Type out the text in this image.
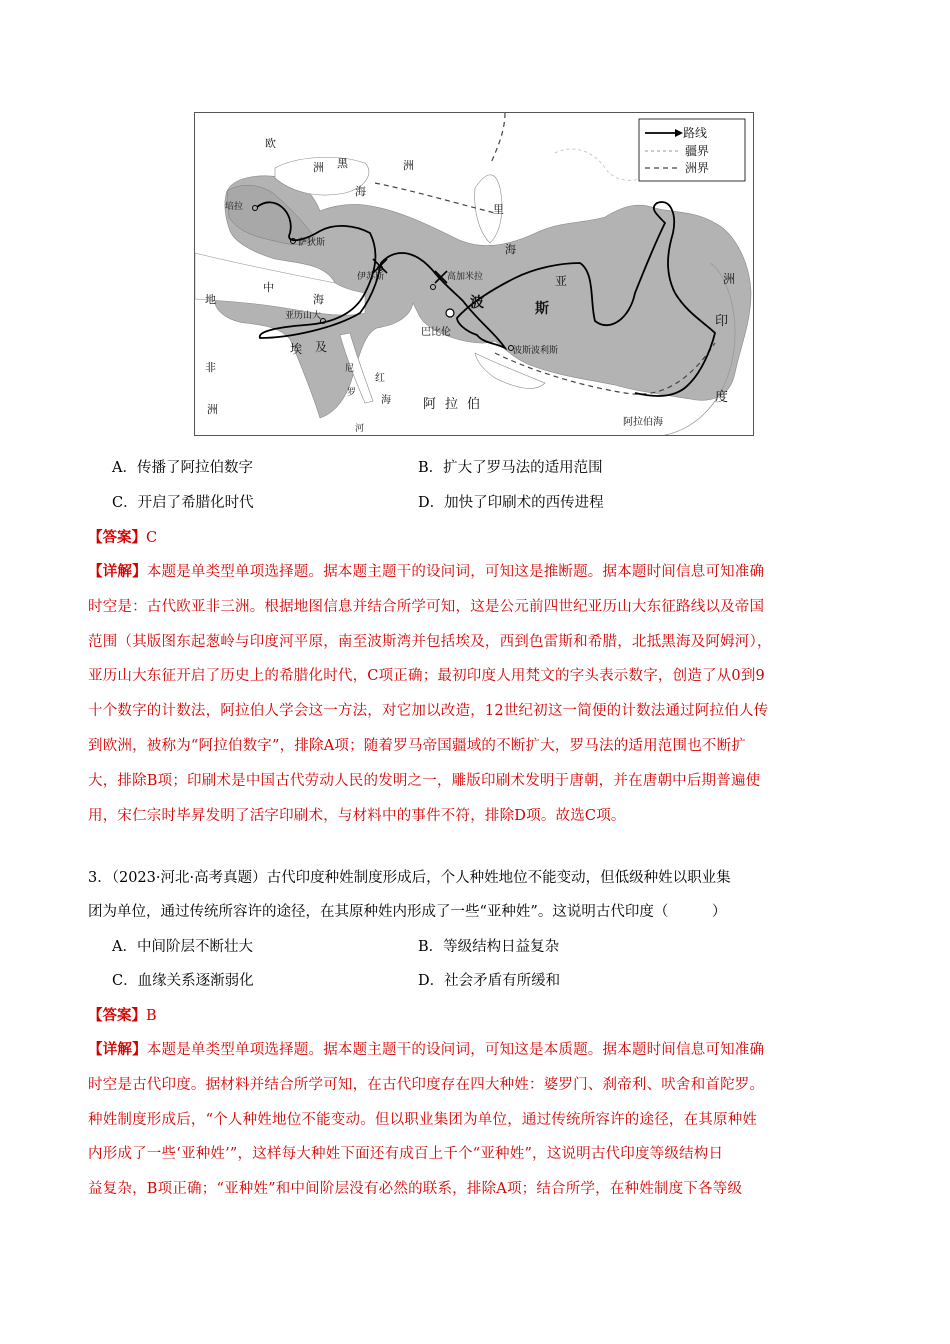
路线
疆界
洲界
欧
洲	洲
黑
海
里
海
培拉
萨狄斯
伊苏斯	高加米拉
地
中
海
亚历山大
埃 及
尼
罗
巴比伦
波斯波利斯
波	斯
亚	洲
非
洲
红
海 阿 拉 伯
阿拉伯海
印
度
河
A．传播了阿拉伯数字	B．扩大了罗马法的适用范围
C．开启了希腊化时代	D．加快了印刷术的西传进程
【答案】C
【详解】本题是单类型单项选择题。据本题主题干的设问词，可知这是推断题。据本题时间信息可知准确
时空是：古代欧亚非三洲。根据地图信息并结合所学可知，这是公元前四世纪亚历山大东征路线以及帝国
范围（其版图东起葱岭与印度河平原，南至波斯湾并包括埃及，西到色雷斯和希腊，北抵黑海及阿姆河），
亚历山大东征开启了历史上的希腊化时代，C项正确；最初印度人用梵文的字头表示数字，创造了从0到9
十个数字的计数法，阿拉伯人学会这一方法，对它加以改造，12世纪初这一简便的计数法通过阿拉伯人传
到欧洲，被称为“阿拉伯数字”，排除A项；随着罗马帝国疆域的不断扩大，罗马法的适用范围也不断扩
大，排除B项；印刷术是中国古代劳动人民的发明之一，雕版印刷术发明于唐朝，并在唐朝中后期普遍使
用，宋仁宗时毕昇发明了活字印刷术，与材料中的事件不符，排除D项。故选C项。
3．（2023·河北·高考真题）古代印度种姓制度形成后，个人种姓地位不能变动，但低级种姓以职业集
团为单位，通过传统所容许的途径，在其原种姓内形成了一些“亚种姓”。这说明古代印度（　　　）
A．中间阶层不断壮大	B．等级结构日益复杂
C．血缘关系逐渐弱化	D．社会矛盾有所缓和
【答案】B
【详解】本题是单类型单项选择题。据本题主题干的设问词，可知这是本质题。据本题时间信息可知准确
时空是古代印度。据材料并结合所学可知，在古代印度存在四大种姓：婆罗门、刹帝利、吠舍和首陀罗。
种姓制度形成后，“个人种姓地位不能变动。但以职业集团为单位，通过传统所容许的途径，在其原种姓
内形成了一些‘亚种姓’”，这样每大种姓下面还有成百上千个“亚种姓”，这说明古代印度等级结构日
益复杂，B项正确；“亚种姓”和中间阶层没有必然的联系，排除A项；结合所学，在种姓制度下各等级
